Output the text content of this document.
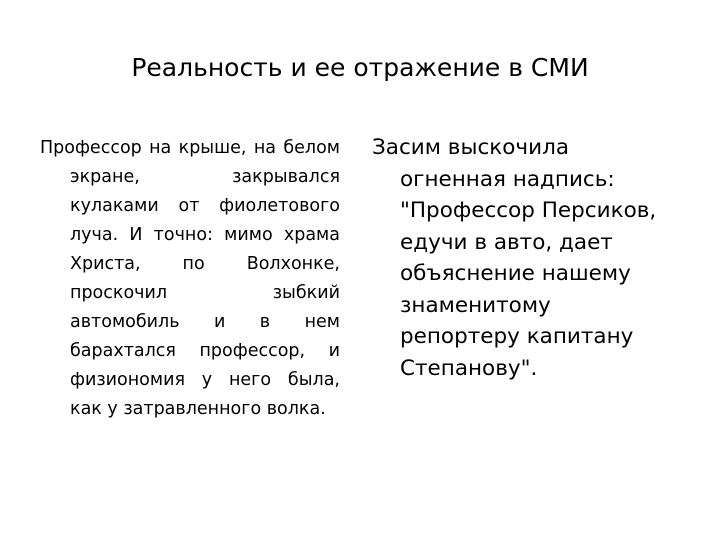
Реальность и ее отражение в СМИ

Профессор на крыше, на белом экране, закрывался кулаками от фиолетового луча. И точно: мимо храма Христа, по Волхонке, проскочил зыбкий автомобиль и в нем барахтался профессор, и физиономия у него была, как у затравленного волка.

Засим выскочила огненная надпись: "Профессор Персиков, едучи в авто, дает объяснение нашему знаменитому репортеру капитану Степанову".
